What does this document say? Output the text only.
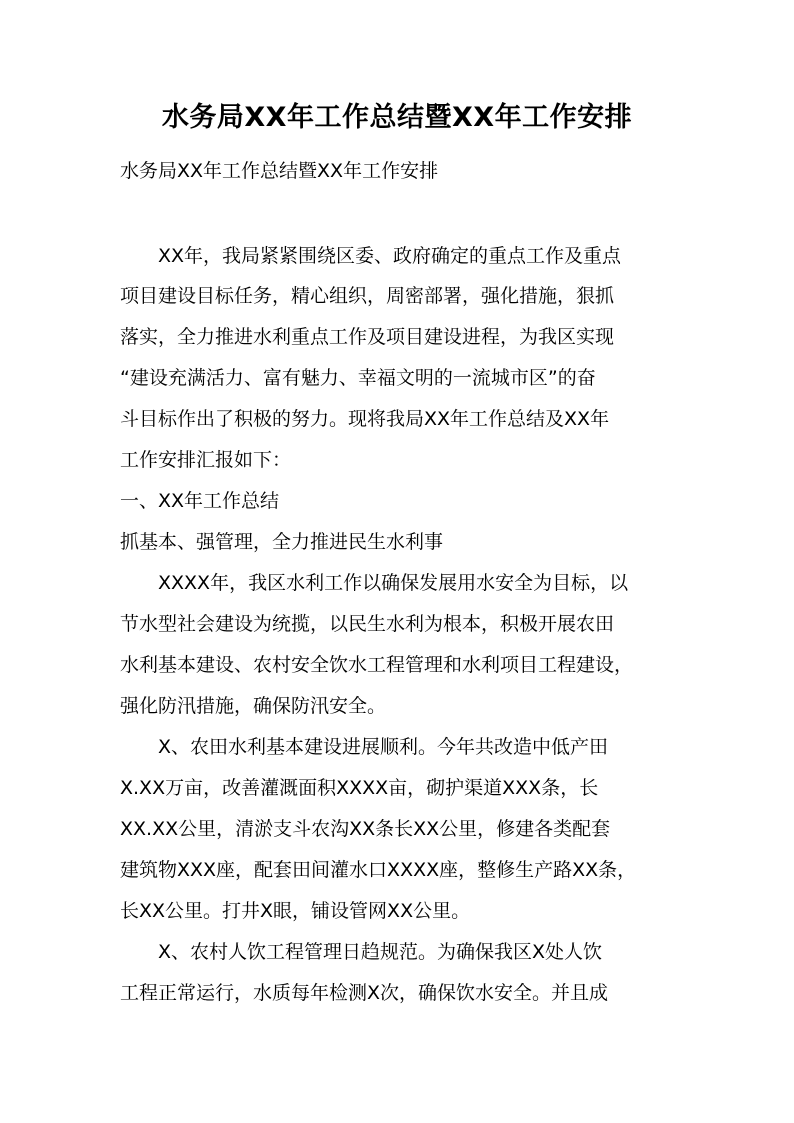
水务局XX年工作总结暨XX年工作安排
水务局XX年工作总结暨XX年工作安排
XX年，我局紧紧围绕区委、政府确定的重点工作及重点
项目建设目标任务，精心组织，周密部署，强化措施，狠抓
落实，全力推进水利重点工作及项目建设进程，为我区实现
“建设充满活力、富有魅力、幸福文明的一流城市区”的奋
斗目标作出了积极的努力。现将我局XX年工作总结及XX年
工作安排汇报如下：
一、XX年工作总结
抓基本、强管理，全力推进民生水利事
XXXX年，我区水利工作以确保发展用水安全为目标，以
节水型社会建设为统揽，以民生水利为根本，积极开展农田
水利基本建设、农村安全饮水工程管理和水利项目工程建设，
强化防汛措施，确保防汛安全。
X、农田水利基本建设进展顺利。今年共改造中低产田
X.XX万亩，改善灌溉面积XXXX亩，砌护渠道XXX条，长
XX.XX公里，清淤支斗农沟XX条长XX公里，修建各类配套
建筑物XXX座，配套田间灌水口XXXX座，整修生产路XX条，
长XX公里。打井X眼，铺设管网XX公里。
X、农村人饮工程管理日趋规范。为确保我区X处人饮
工程正常运行，水质每年检测X次，确保饮水安全。并且成
